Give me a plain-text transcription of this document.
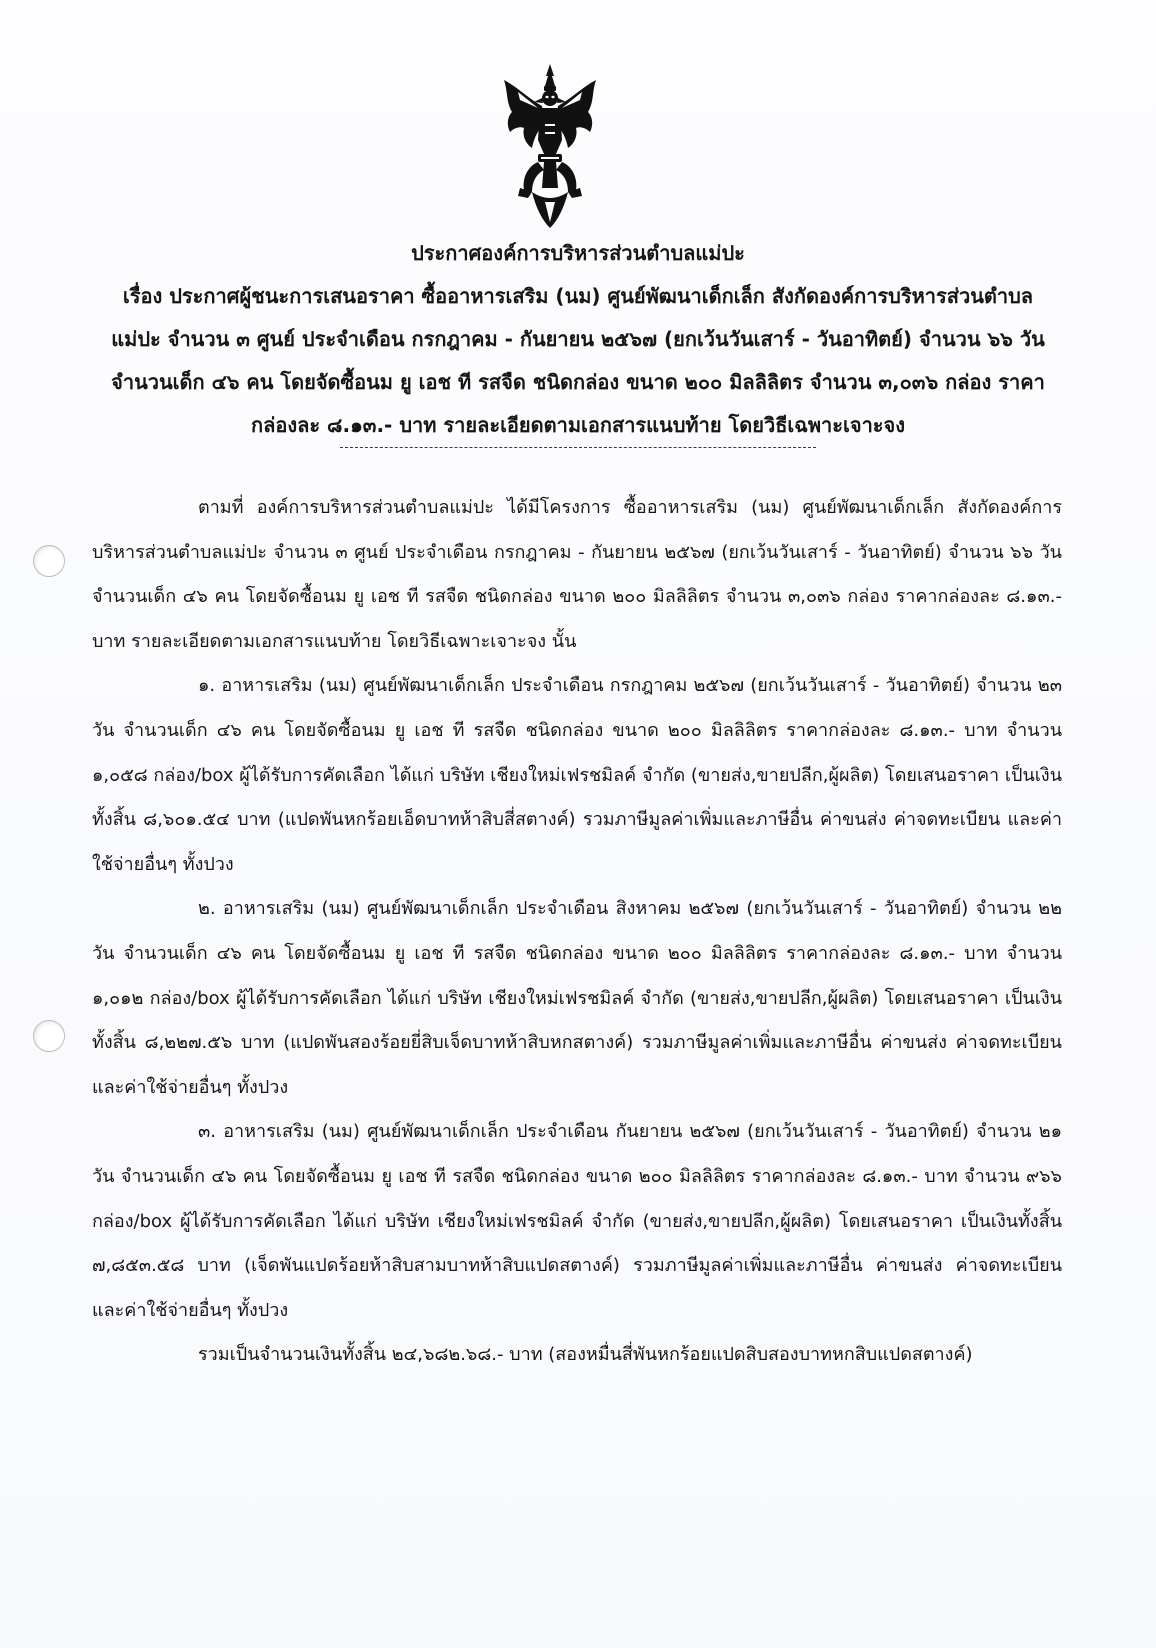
ประกาศองค์การบริหารส่วนตำบลแม่ปะ
เรื่อง ประกาศผู้ชนะการเสนอราคา ซื้ออาหารเสริม (นม) ศูนย์พัฒนาเด็กเล็ก สังกัดองค์การบริหารส่วนตำบล
แม่ปะ จำนวน ๓ ศูนย์ ประจำเดือน กรกฎาคม - กันยายน ๒๕๖๗ (ยกเว้นวันเสาร์ - วันอาทิตย์) จำนวน ๖๖ วัน
จำนวนเด็ก ๔๖ คน โดยจัดซื้อนม ยู เอช ที รสจืด ชนิดกล่อง ขนาด ๒๐๐ มิลลิลิตร จำนวน ๓,๐๓๖ กล่อง ราคา
กล่องละ ๘.๑๓.- บาท รายละเอียดตามเอกสารแนบท้าย โดยวิธีเฉพาะเจาะจง

ตามที่ องค์การบริหารส่วนตำบลแม่ปะ ได้มีโครงการ ซื้ออาหารเสริม (นม) ศูนย์พัฒนาเด็กเล็ก สังกัดองค์การบริหารส่วนตำบลแม่ปะ จำนวน ๓ ศูนย์ ประจำเดือน กรกฎาคม - กันยายน ๒๕๖๗ (ยกเว้นวันเสาร์ - วันอาทิตย์) จำนวน ๖๖ วัน จำนวนเด็ก ๔๖ คน โดยจัดซื้อนม ยู เอช ที รสจืด ชนิดกล่อง ขนาด ๒๐๐ มิลลิลิตร จำนวน ๓,๐๓๖ กล่อง ราคากล่องละ ๘.๑๓.- บาท รายละเอียดตามเอกสารแนบท้าย โดยวิธีเฉพาะเจาะจง นั้น

๑. อาหารเสริม (นม) ศูนย์พัฒนาเด็กเล็ก ประจำเดือน กรกฎาคม ๒๕๖๗ (ยกเว้นวันเสาร์ - วันอาทิตย์) จำนวน ๒๓ วัน จำนวนเด็ก ๔๖ คน โดยจัดซื้อนม ยู เอช ที รสจืด ชนิดกล่อง ขนาด ๒๐๐ มิลลิลิตร ราคากล่องละ ๘.๑๓.- บาท จำนวน ๑,๐๕๘ กล่อง/box ผู้ได้รับการคัดเลือก ได้แก่ บริษัท เชียงใหม่เฟรชมิลค์ จำกัด (ขายส่ง,ขายปลีก,ผู้ผลิต) โดยเสนอราคา เป็นเงินทั้งสิ้น ๘,๖๐๑.๕๔ บาท (แปดพันหกร้อยเอ็ดบาทห้าสิบสี่สตางค์) รวมภาษีมูลค่าเพิ่มและภาษีอื่น ค่าขนส่ง ค่าจดทะเบียน และค่าใช้จ่ายอื่นๆ ทั้งปวง

๒. อาหารเสริม (นม) ศูนย์พัฒนาเด็กเล็ก ประจำเดือน สิงหาคม ๒๕๖๗ (ยกเว้นวันเสาร์ - วันอาทิตย์) จำนวน ๒๒ วัน จำนวนเด็ก ๔๖ คน โดยจัดซื้อนม ยู เอช ที รสจืด ชนิดกล่อง ขนาด ๒๐๐ มิลลิลิตร ราคากล่องละ ๘.๑๓.- บาท จำนวน ๑,๐๑๒ กล่อง/box ผู้ได้รับการคัดเลือก ได้แก่ บริษัท เชียงใหม่เฟรชมิลค์ จำกัด (ขายส่ง,ขายปลีก,ผู้ผลิต) โดยเสนอราคา เป็นเงินทั้งสิ้น ๘,๒๒๗.๕๖ บาท (แปดพันสองร้อยยี่สิบเจ็ดบาทห้าสิบหกสตางค์) รวมภาษีมูลค่าเพิ่มและภาษีอื่น ค่าขนส่ง ค่าจดทะเบียน และค่าใช้จ่ายอื่นๆ ทั้งปวง

๓. อาหารเสริม (นม) ศูนย์พัฒนาเด็กเล็ก ประจำเดือน กันยายน ๒๕๖๗ (ยกเว้นวันเสาร์ - วันอาทิตย์) จำนวน ๒๑ วัน จำนวนเด็ก ๔๖ คน โดยจัดซื้อนม ยู เอช ที รสจืด ชนิดกล่อง ขนาด ๒๐๐ มิลลิลิตร ราคากล่องละ ๘.๑๓.- บาท จำนวน ๙๖๖ กล่อง/box ผู้ได้รับการคัดเลือก ได้แก่ บริษัท เชียงใหม่เฟรชมิลค์ จำกัด (ขายส่ง,ขายปลีก,ผู้ผลิต) โดยเสนอราคา เป็นเงินทั้งสิ้น ๗,๘๕๓.๕๘ บาท (เจ็ดพันแปดร้อยห้าสิบสามบาทห้าสิบแปดสตางค์) รวมภาษีมูลค่าเพิ่มและภาษีอื่น ค่าขนส่ง ค่าจดทะเบียน และค่าใช้จ่ายอื่นๆ ทั้งปวง

รวมเป็นจำนวนเงินทั้งสิ้น ๒๔,๖๘๒.๖๘.- บาท (สองหมื่นสี่พันหกร้อยแปดสิบสองบาทหกสิบแปดสตางค์)
